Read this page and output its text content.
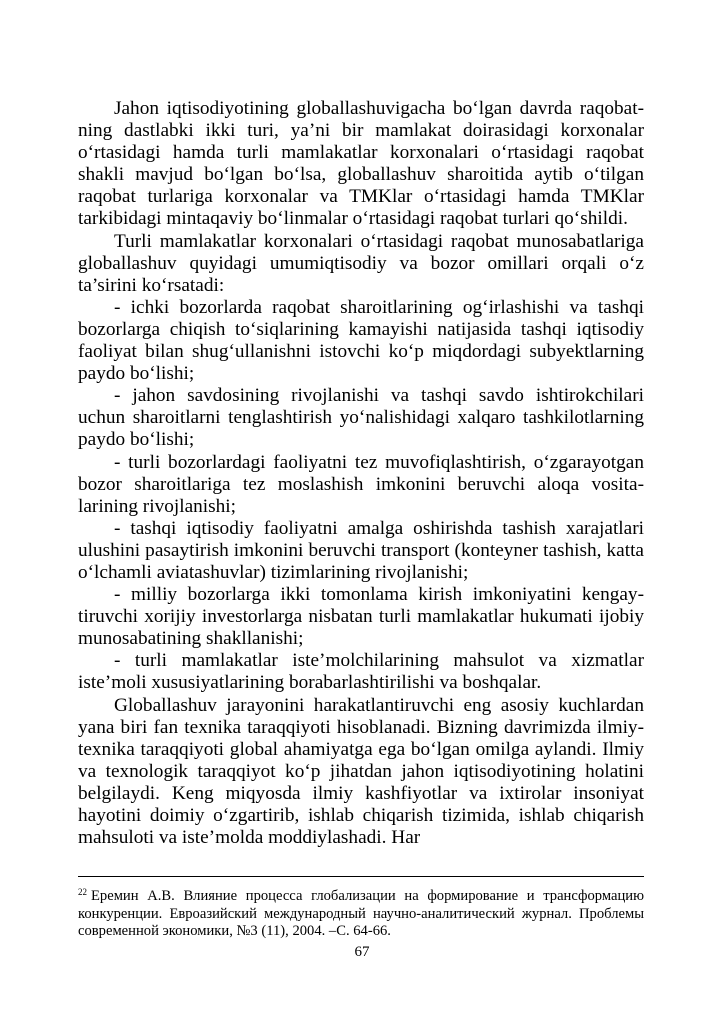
Jahon iqtisodiyotining globallashuvigacha bo‘lgan davrda raqobatning dastlabki ikki turi, ya’ni bir mamlakat doirasidagi korxonalar o‘rtasidagi hamda turli mamlakatlar korxonalari o‘rtasidagi raqobat shakli mavjud bo‘lgan bo‘lsa, globallashuv sharoitida aytib o‘tilgan raqobat turlariga korxonalar va TMKlar o‘rtasidagi hamda TMKlar tarkibidagi mintaqaviy bo‘linmalar o‘rtasidagi raqobat turlari qo‘shildi.

Turli mamlakatlar korxonalari o‘rtasidagi raqobat munosabatlariga globallashuv quyidagi umumiqtisodiy va bozor omillari orqali o‘z ta’sirini ko‘rsatadi:

- ichki bozorlarda raqobat sharoitlarining og‘irlashishi va tashqi bozorlarga chiqish to‘siqlarining kamayishi natijasida tashqi iqtisodiy faoliyat bilan shug‘ullanishni istovchi ko‘p miqdordagi subyektlarning paydo bo‘lishi;

- jahon savdosining rivojlanishi va tashqi savdo ishtirokchilari uchun sharoitlarni tenglashtirish yo‘nalishidagi xalqaro tashkilotlarning paydo bo‘lishi;

- turli bozorlardagi faoliyatni tez muvofiqlashtirish, o‘zgarayotgan bozor sharoitlariga tez moslashish imkonini beruvchi aloqa vositalarining rivojlanishi;

- tashqi iqtisodiy faoliyatni amalga oshirishda tashish xarajatlari ulushini pasaytirish imkonini beruvchi transport (konteyner tashish, katta o‘lchamli aviatashuvlar) tizimlarining rivojlanishi;

- milliy bozorlarga ikki tomonlama kirish imkoniyatini kengaytiruvchi xorijiy investorlarga nisbatan turli mamlakatlar hukumati ijobiy munosabatining shakllanishi;

- turli mamlakatlar iste’molchilarining mahsulot va xizmatlar iste’moli xususiyatlarining borabarlashtirilishi va boshqalar.

Globallashuv jarayonini harakatlantiruvchi eng asosiy kuchlardan yana biri fan texnika taraqqiyoti hisoblanadi. Bizning davrimizda ilmiy-texnika taraqqiyoti global ahamiyatga ega bo‘lgan omilga aylandi. Ilmiy va texnologik taraqqiyot ko‘p jihatdan jahon iqtisodiyotining holatini belgilaydi. Keng miqyosda ilmiy kashfiyotlar va ixtirolar insoniyat hayotini doimiy o‘zgartirib, ishlab chiqarish tizimida, ishlab chiqarish mahsuloti va iste’molda moddiylashadi. Har

$^{22}$ Еремин А.В. Влияние процесса глобализации на формирование и трансформацию конкуренции. Евроазийский международный научно-аналитический журнал. Проблемы современной экономики, №3 (11), 2004. –С. 64-66.
67
